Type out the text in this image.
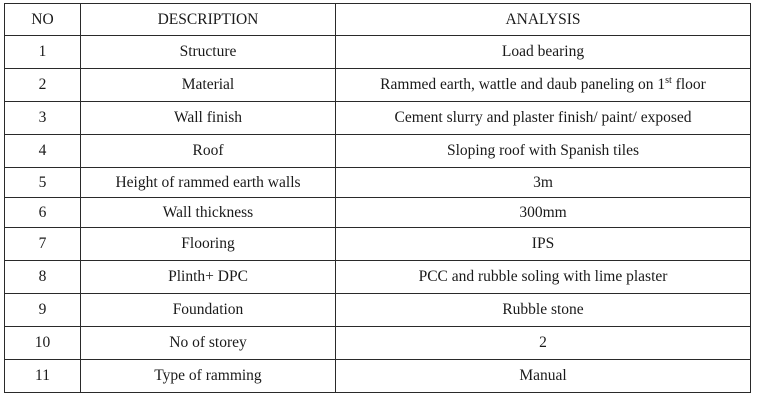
NO	DESCRIPTION	ANALYSIS
1	Structure	Load bearing
2	Material	Rammed earth, wattle and daub paneling on 1st floor
3	Wall finish	Cement slurry and plaster finish/ paint/ exposed
4	Roof	Sloping roof with Spanish tiles
5	Height of rammed earth walls	3m
6	Wall thickness	300mm
7	Flooring	IPS
8	Plinth+ DPC	PCC and rubble soling with lime plaster
9	Foundation	Rubble stone
10	No of storey	2
11	Type of ramming	Manual
